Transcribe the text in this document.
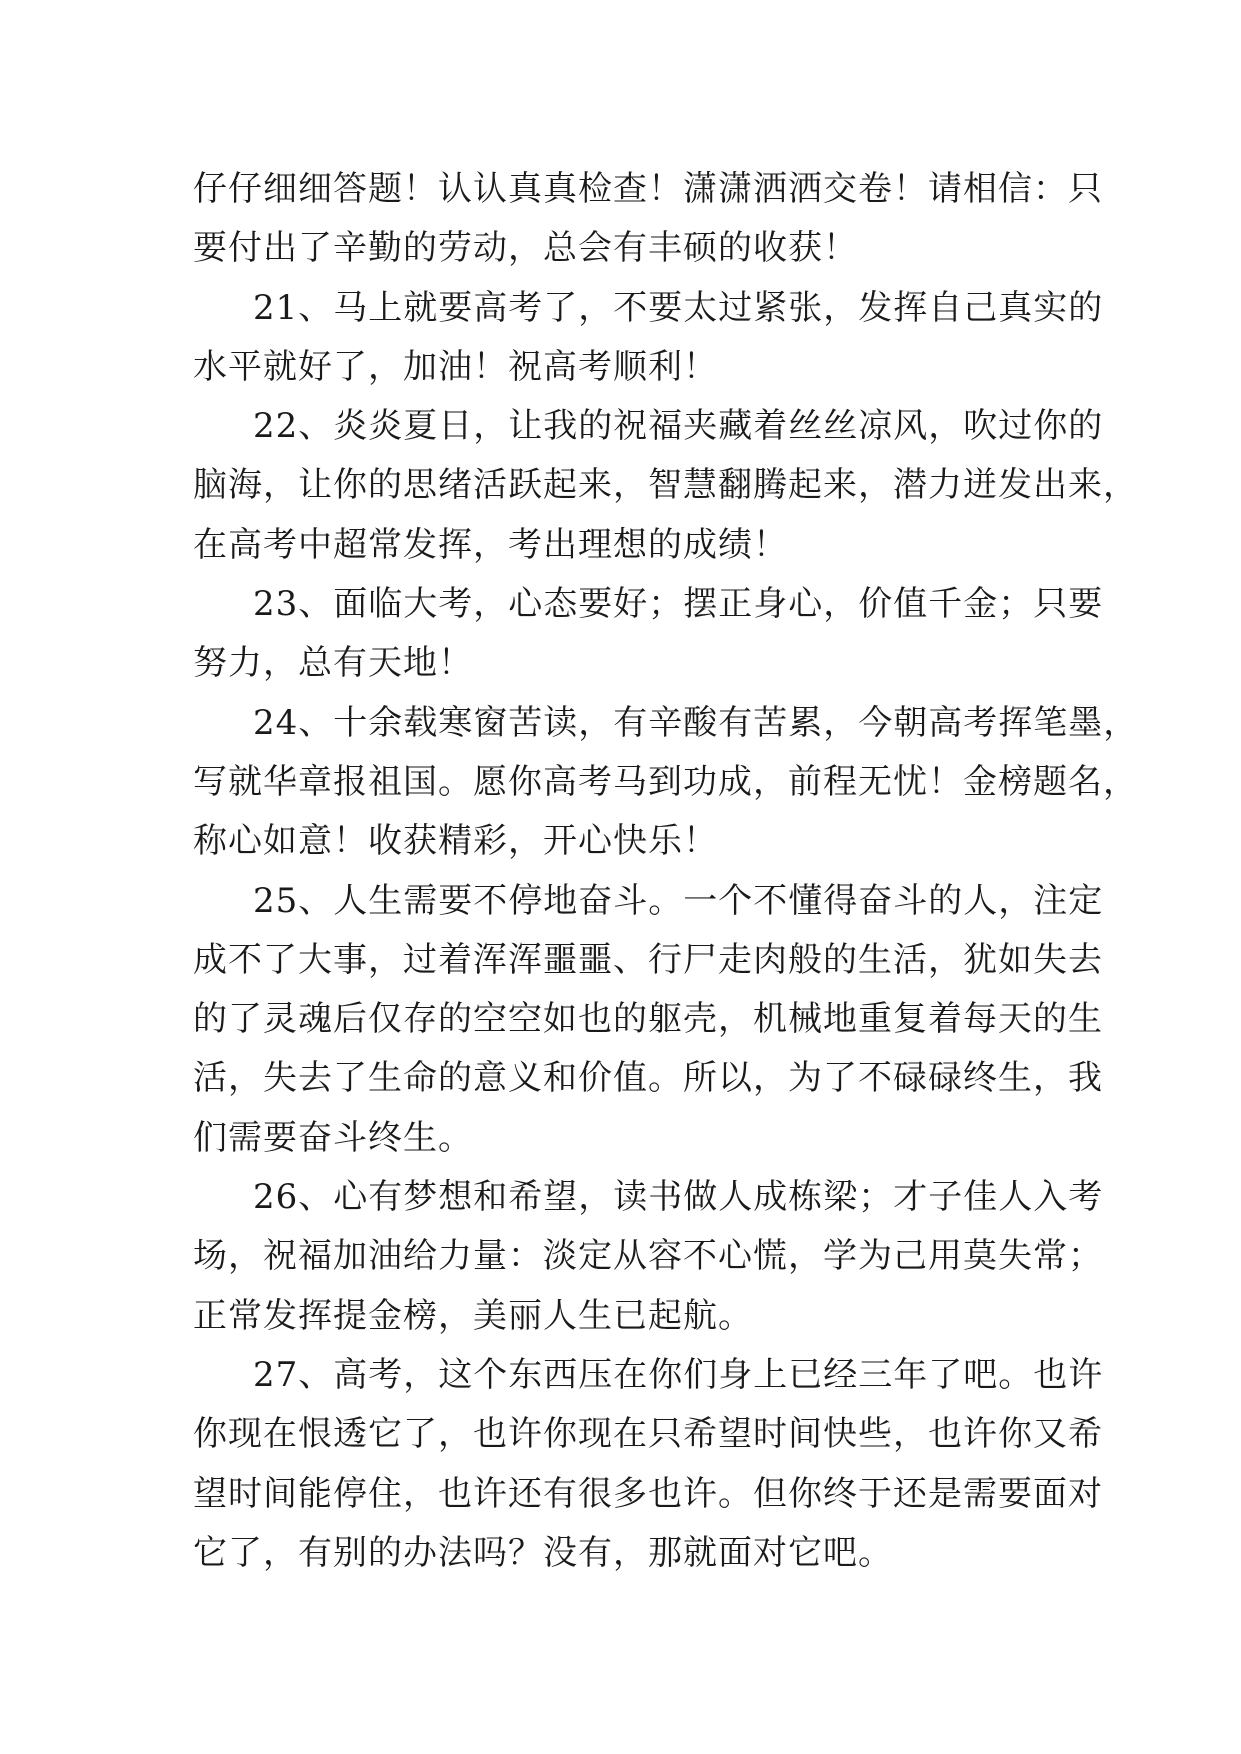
仔仔细细答题！认认真真检查！潇潇洒洒交卷！请相信：只
要付出了辛勤的劳动，总会有丰硕的收获！
21、马上就要高考了，不要太过紧张，发挥自己真实的
水平就好了，加油！祝高考顺利！
22、炎炎夏日，让我的祝福夹藏着丝丝凉风，吹过你的
脑海，让你的思绪活跃起来，智慧翻腾起来，潜力迸发出来，
在高考中超常发挥，考出理想的成绩！
23、面临大考，心态要好；摆正身心，价值千金；只要
努力，总有天地！
24、十余载寒窗苦读，有辛酸有苦累，今朝高考挥笔墨，
写就华章报祖国。愿你高考马到功成，前程无忧！金榜题名，
称心如意！收获精彩，开心快乐！
25、人生需要不停地奋斗。一个不懂得奋斗的人，注定
成不了大事，过着浑浑噩噩、行尸走肉般的生活，犹如失去
的了灵魂后仅存的空空如也的躯壳，机械地重复着每天的生
活，失去了生命的意义和价值。所以，为了不碌碌终生，我
们需要奋斗终生。
26、心有梦想和希望，读书做人成栋梁；才子佳人入考
场，祝福加油给力量：淡定从容不心慌，学为己用莫失常；
正常发挥提金榜，美丽人生已起航。
27、高考，这个东西压在你们身上已经三年了吧。也许
你现在恨透它了，也许你现在只希望时间快些，也许你又希
望时间能停住，也许还有很多也许。但你终于还是需要面对
它了，有别的办法吗？没有，那就面对它吧。
